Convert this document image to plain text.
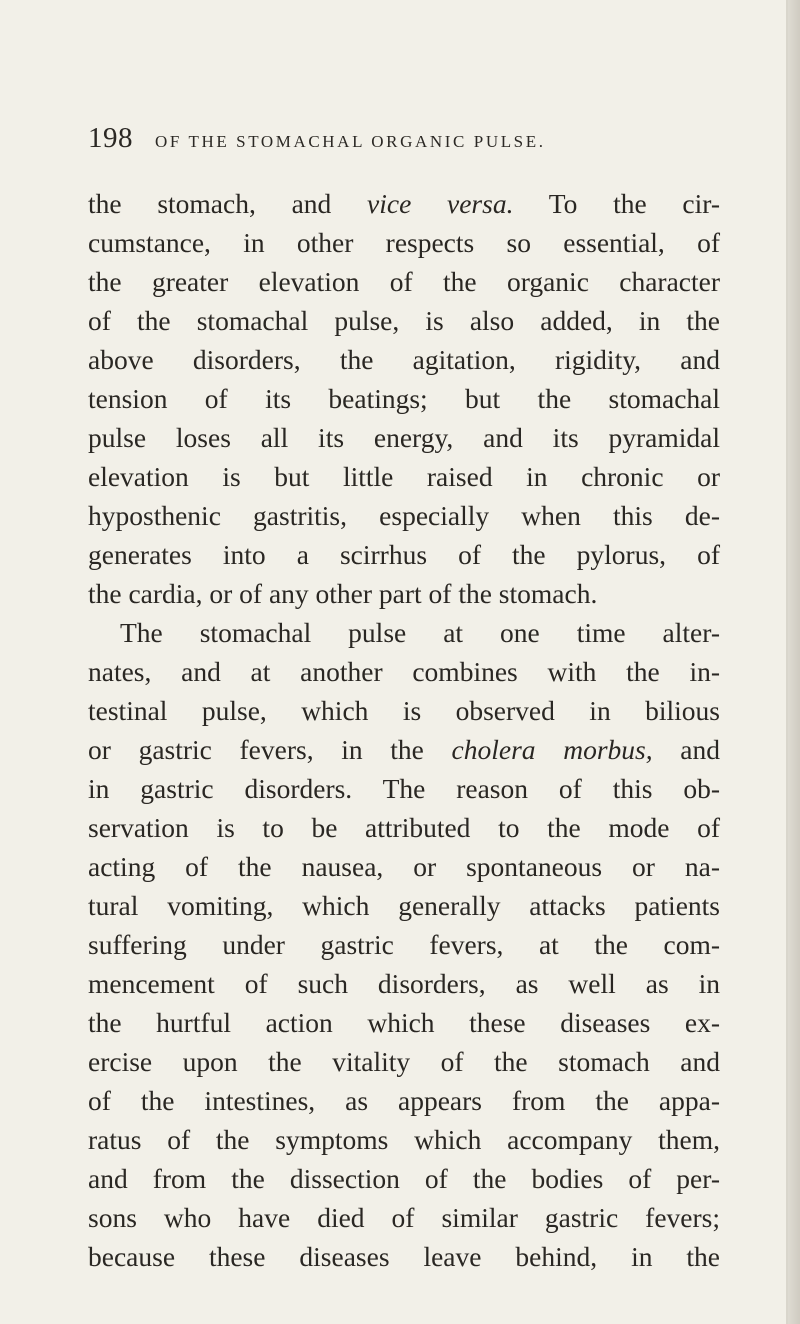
198 OF THE STOMACHAL ORGANIC PULSE.
the stomach, and vice versa. To the cir-
cumstance, in other respects so essential, of
the greater elevation of the organic character
of the stomachal pulse, is also added, in the
above disorders, the agitation, rigidity, and
tension of its beatings; but the stomachal
pulse loses all its energy, and its pyramidal
elevation is but little raised in chronic or
hyposthenic gastritis, especially when this de-
generates into a scirrhus of the pylorus, of
the cardia, or of any other part of the stomach.
The stomachal pulse at one time alter-
nates, and at another combines with the in-
testinal pulse, which is observed in bilious
or gastric fevers, in the cholera morbus, and
in gastric disorders. The reason of this ob-
servation is to be attributed to the mode of
acting of the nausea, or spontaneous or na-
tural vomiting, which generally attacks patients
suffering under gastric fevers, at the com-
mencement of such disorders, as well as in
the hurtful action which these diseases ex-
ercise upon the vitality of the stomach and
of the intestines, as appears from the appa-
ratus of the symptoms which accompany them,
and from the dissection of the bodies of per-
sons who have died of similar gastric fevers;
because these diseases leave behind, in the
